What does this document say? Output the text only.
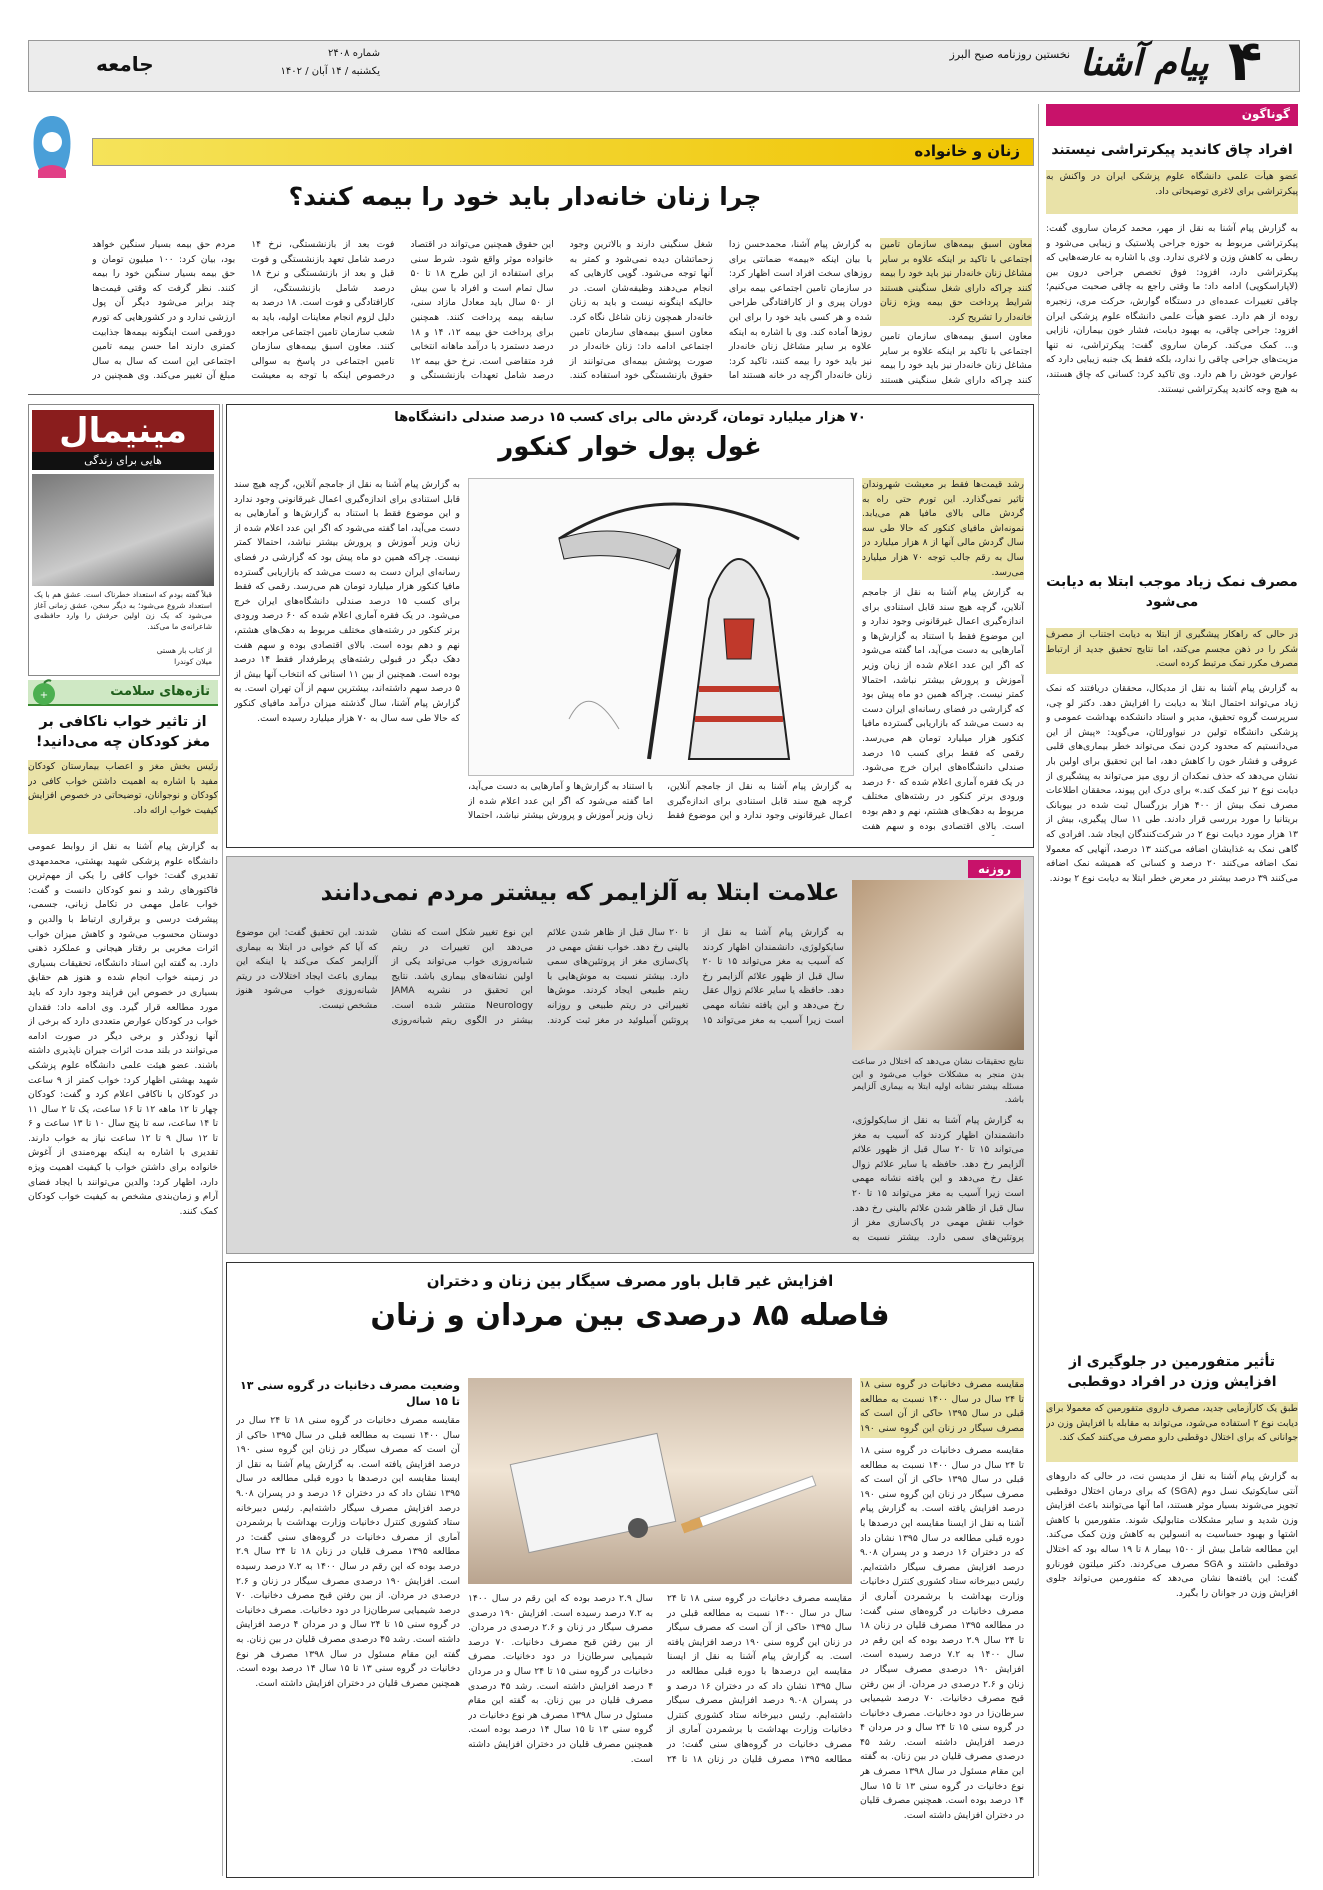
۴
پیام آشنا
نخستین روزنامه صبح البرز
شماره ۲۴۰۸
یکشنبه / ۱۴ آبان / ۱۴۰۲
جامعه
زنان و خانواده
چرا زنان خانه‌دار باید خود را بیمه کنند؟
معاون اسبق بیمه‌های سازمان تامین اجتماعی با تاکید بر اینکه علاوه بر سایر مشاغل زنان خانه‌دار نیز باید خود را بیمه کنند چراکه دارای شغل سنگینی هستند شرایط پرداخت حق بیمه ویژه زنان خانه‌دار را تشریح کرد.
به گزارش پیام آشنا، محمدحسن زدا با بیان اینکه «بیمه» ضمانتی برای روزهای سخت افراد است اظهار کرد: در سازمان تامین اجتماعی بیمه برای دوران پیری و از کارافتادگی طراحی شده و هر کسی باید خود را برای این روزها آماده کند. وی با اشاره به اینکه علاوه بر سایر مشاغل زنان خانه‌دار نیز باید خود را بیمه کنند، تاکید کرد: زنان خانه‌دار اگرچه در خانه هستند اما شغل سنگینی دارند و بالاترین وجود زحماتشان دیده نمی‌شود و کمتر به آنها توجه می‌شود. گویی کارهایی که انجام می‌دهند وظیفه‌شان است. در حالیکه اینگونه نیست و باید به زنان خانه‌دار همچون زنان شاغل نگاه کرد. معاون اسبق بیمه‌های سازمان تامین اجتماعی ادامه داد: زنان خانه‌دار در صورت پوشش بیمه‌ای می‌توانند از حقوق بازنشستگی خود استفاده کنند. این حقوق همچنین می‌تواند در اقتصاد خانواده موثر واقع شود. شرط سنی برای استفاده از این طرح ۱۸ تا ۵۰ سال تمام است و افراد با سن بیش از ۵۰ سال باید معادل مازاد سنی، سابقه بیمه پرداخت کنند. همچنین برای پرداخت حق بیمه ۱۲، ۱۴ و ۱۸ درصد دستمزد با درآمد ماهانه انتخابی فرد متقاضی است. نرخ حق بیمه ۱۲ درصد شامل تعهدات بازنشستگی و فوت بعد از بازنشستگی، نرخ ۱۴ درصد شامل تعهد بازنشستگی و فوت قبل و بعد از بازنشستگی و نرخ ۱۸ درصد شامل بازنشستگی، از کارافتادگی و فوت است. ۱۸ درصد به دلیل لزوم انجام معاینات اولیه، باید به شعب سازمان تامین اجتماعی مراجعه کنند. معاون اسبق بیمه‌های سازمان تامین اجتماعی در پاسخ به سوالی درخصوص اینکه با توجه به معیشت مردم حق بیمه بسیار سنگین خواهد بود، بیان کرد: ۱۰۰ میلیون تومان و حق بیمه بسیار سنگین خود را بیمه کنند. نظر گرفت که وقتی قیمت‌ها چند برابر می‌شود دیگر آن پول ارزشی ندارد و در کشورهایی که تورم دورقمی است اینگونه بیمه‌ها جذابیت کمتری دارند اما حسن بیمه تامین اجتماعی این است که سال به سال مبلغ آن تغییر می‌کند. وی همچنین در
معاون اسبق بیمه‌های سازمان تامین اجتماعی با تاکید بر اینکه علاوه بر سایر مشاغل زنان خانه‌دار نیز باید خود را بیمه کنند چراکه دارای شغل سنگینی هستند
مینیمال
هایی برای زندگی
قبلاً گفته بودم که استعداد خطرناک است. عشق هم با یک استعداد شروع می‌شود؛ به دیگر سخن، عشق زمانی آغاز می‌شود که یک زن اولین حرفش را وارد حافظه‌ی شاعرانه‌ی ما می‌کند.
از کتاب بار هستی
میلان کوندرا
تازه‌های سلامت
+
از تاثیر خواب ناکافی بر مغز کودکان چه می‌دانید!
رئیس بخش مغز و اعصاب بیمارستان کودکان مفید با اشاره به اهمیت داشتن خواب کافی در کودکان و نوجوانان، توضیحاتی در خصوص افزایش کیفیت خواب ارائه داد.
به گزارش پیام آشنا به نقل از روابط عمومی دانشگاه علوم پزشکی شهید بهشتی، محمدمهدی تقدیری گفت: خواب کافی را یکی از مهم‌ترین فاکتورهای رشد و نمو کودکان دانست و گفت: خواب عامل مهمی در تکامل زبانی، جسمی، پیشرفت درسی و برقراری ارتباط با والدین و دوستان محسوب می‌شود و کاهش میزان خواب اثرات مخربی بر رفتار هیجانی و عملکرد ذهنی دارد. به گفته این استاد دانشگاه، تحقیقات بسیاری در زمینه خواب انجام شده و هنوز هم حقایق بسیاری در خصوص این فرایند وجود دارد که باید مورد مطالعه قرار گیرد. وی ادامه داد: فقدان خواب در کودکان عوارض متعددی دارد که برخی از آنها زودگذر و برخی دیگر در صورت ادامه می‌توانند در بلند مدت اثرات جبران ناپذیری داشته باشند. عضو هیئت علمی دانشگاه علوم پزشکی شهید بهشتی اظهار کرد: خواب کمتر از ۹ ساعت در کودکان با ناکافی اعلام کرد و گفت: کودکان چهار تا ۱۲ ماهه ۱۲ تا ۱۶ ساعت، یک تا ۲ سال ۱۱ تا ۱۴ ساعت، سه تا پنج سال ۱۰ تا ۱۳ ساعت و ۶ تا ۱۲ سال ۹ تا ۱۲ ساعت نیاز به خواب دارند. تقدیری با اشاره به اینکه بهره‌مندی از آغوش خانواده برای داشتن خواب با کیفیت اهمیت ویژه دارد، اظهار کرد: والدین می‌توانند با ایجاد فضای آرام و زمان‌بندی مشخص به کیفیت خواب کودکان کمک کنند.
۷۰ هزار میلیارد تومان، گردش مالی برای کسب ۱۵ درصد صندلی دانشگاه‌ها
غول پول خوار کنکور
رشد قیمت‌ها فقط بر معیشت شهروندان تاثیر نمی‌گذارد. این تورم حتی راه به گردش مالی بالای مافیا هم می‌یابد. نمونه‌اش مافیای کنکور که حالا طی سه سال گردش مالی آنها از ۸ هزار میلیارد در سال به رقم جالب توجه ۷۰ هزار میلیارد می‌رسد.
به گزارش پیام آشنا به نقل از جامجم آنلاین، گرچه هیچ سند قابل استنادی برای اندازه‌گیری اعمال غیرقانونی وجود ندارد و این موضوع فقط با استناد به گزارش‌ها و آمارهایی به دست می‌آید، اما گفته می‌شود که اگر این عدد اعلام شده از زبان وزیر آموزش و پرورش بیشتر نباشد، احتمالا کمتر نیست. چراکه همین دو ماه پیش بود که گزارشی در فضای رسانه‌ای ایران دست به دست می‌شد که بازاریابی گسترده مافیا کنکور هزار میلیارد تومان هم می‌رسد. رقمی که فقط برای کسب ۱۵ درصد صندلی دانشگاه‌های ایران خرج می‌شود. در یک فقره آماری اعلام شده که ۶۰ درصد ورودی برتر کنکور در رشته‌های مختلف مربوط به دهک‌های هشتم، نهم و دهم بوده است. بالای اقتصادی بوده و سهم هفت
به گزارش پیام آشنا به نقل از جامجم آنلاین، گرچه هیچ سند قابل استنادی برای اندازه‌گیری اعمال غیرقانونی وجود ندارد و این موضوع فقط با استناد به گزارش‌ها و آمارهایی به دست می‌آید، اما گفته می‌شود که اگر این عدد اعلام شده از زبان وزیر آموزش و پرورش بیشتر نباشد، احتمالا کمتر نیست. چراکه همین دو ماه پیش بود که گزارشی در فضای رسانه‌ای ایران دست به دست می‌شد که بازاریابی گسترده مافیا کنکور هزار میلیارد تومان هم می‌رسد. رقمی که فقط برای کسب ۱۵ درصد صندلی دانشگاه‌های ایران خرج می‌شود. در یک فقره آماری اعلام شده که ۶۰ درصد ورودی برتر کنکور در رشته‌های مختلف مربوط به دهک‌های هشتم، نهم و دهم بوده است. بالای اقتصادی بوده و سهم هفت دهک دیگر در قبولی رشته‌های پرطرفدار فقط ۱۴ درصد بوده است. همچنین از بین ۱۱ استانی که انتخاب آنها بیش از ۵ درصد سهم داشته‌اند، بیشترین سهم از آن تهران است. به گزارش پیام آشنا، سال گذشته میزان درآمد مافیای کنکور که حالا طی سه سال به ۷۰ هزار میلیارد رسیده است.
به گزارش پیام آشنا به نقل از جامجم آنلاین، گرچه هیچ سند قابل استنادی برای اندازه‌گیری اعمال غیرقانونی وجود ندارد و این موضوع فقط با استناد به گزارش‌ها و آمارهایی به دست می‌آید، اما گفته می‌شود که اگر این عدد اعلام شده از زبان وزیر آموزش و پرورش بیشتر نباشد، احتمالا
روزنه
علامت ابتلا به آلزایمر که بیشتر مردم نمی‌دانند
نتایج تحقیقات نشان می‌دهد که اختلال در ساعت بدن منجر به مشکلات خواب می‌شود و این مسئله بیشتر نشانه اولیه ابتلا به بیماری آلزایمر باشد.
به گزارش پیام آشنا به نقل از سایکولوژی، دانشمندان اظهار کردند که آسیب به مغز می‌تواند ۱۵ تا ۲۰ سال قبل از ظهور علائم آلزایمر رخ دهد. حافظه یا سایر علائم زوال عقل رخ می‌دهد و این یافته نشانه مهمی است زیرا آسیب به مغز می‌تواند ۱۵ تا ۲۰ سال قبل از ظاهر شدن علائم بالینی رخ دهد. خواب نقش مهمی در پاک‌سازی مغز از پروتئین‌های سمی دارد. بیشتر نسبت به موش‌هایی با ریتم طبیعی ایجاد کردند. موش‌ها تغییراتی در ریتم طبیعی و روزانه پروتئین آمیلوئید در مغز ثبت کردند. این نوع تغییر شکل است که نشان می‌دهد این تغییرات در ریتم شبانه‌روزی خواب می‌تواند یکی از اولین نشانه‌های بیماری باشد. نتایج این تحقیق در نشریه JAMA Neurology منتشر شده است. بیشتر در الگوی ریتم شبانه‌روزی شدند. این تحقیق گفت: این موضوع که آیا کم خوابی در ابتلا به بیماری آلزایمر کمک می‌کند یا اینکه این بیماری باعث ایجاد اختلالات در ریتم شبانه‌روزی خواب می‌شود هنوز مشخص نیست.
به گزارش پیام آشنا به نقل از سایکولوژی، دانشمندان اظهار کردند که آسیب به مغز می‌تواند ۱۵ تا ۲۰ سال قبل از ظهور علائم آلزایمر رخ دهد. حافظه یا سایر علائم زوال عقل رخ می‌دهد و این یافته نشانه مهمی است زیرا آسیب به مغز می‌تواند ۱۵ تا ۲۰ سال قبل از ظاهر شدن علائم بالینی رخ دهد. خواب نقش مهمی در پاک‌سازی مغز از پروتئین‌های سمی دارد. بیشتر نسبت به
افزایش غیر قابل باور مصرف سیگار بین زنان و دختران
فاصله ۸۵ درصدی بین مردان و زنان
وضعیت مصرف دخانیات در گروه سنی ۱۳ تا ۱۵ سال
مقایسه مصرف دخانیات در گروه سنی ۱۸ تا ۲۴ سال در سال ۱۴۰۰ نسبت به مطالعه قبلی در سال ۱۳۹۵ حاکی از آن است که مصرف سیگار در زنان این گروه سنی ۱۹۰ درصد افزایش یافته است. به گزارش پیام آشنا به نقل از ایسنا مقایسه این درصدها با دوره قبلی مطالعه در سال ۱۳۹۵ نشان داد که در دختران ۱۶ درصد و در پسران ۹.۰۸ درصد افزایش مصرف سیگار داشته‌ایم. رئیس دبیرخانه ستاد کشوری کنترل دخانیات وزارت بهداشت با برشمردن آماری از مصرف دخانیات در گروه‌های سنی گفت: در مطالعه ۱۳۹۵ مصرف قلیان در زنان ۱۸ تا ۲۴ سال ۲.۹ درصد بوده که این رقم در سال ۱۴۰۰ به ۷.۲ درصد رسیده است. افزایش ۱۹۰ درصدی مصرف سیگار در زنان و ۲.۶ درصدی در مردان. از بین رفتن قبح مصرف دخانیات. ۷۰ درصد شیمیایی سرطان‌زا در دود دخانیات. مصرف دخانیات در گروه سنی ۱۵ تا ۲۴ سال و در مردان ۴ درصد افزایش داشته است. رشد ۴۵ درصدی مصرف قلیان در بین زنان. به گفته این مقام مسئول در سال ۱۳۹۸ مصرف هر نوع دخانیات در گروه سنی ۱۳ تا ۱۵ سال ۱۴ درصد بوده است. همچنین مصرف قلیان در دختران افزایش داشته است.
مقایسه مصرف دخانیات در گروه سنی ۱۸ تا ۲۴ سال در سال ۱۴۰۰ نسبت به مطالعه قبلی در سال ۱۳۹۵ حاکی از آن است که مصرف سیگار در زنان این گروه سنی ۱۹۰
مقایسه مصرف دخانیات در گروه سنی ۱۸ تا ۲۴ سال در سال ۱۴۰۰ نسبت به مطالعه قبلی در سال ۱۳۹۵ حاکی از آن است که مصرف سیگار در زنان این گروه سنی ۱۹۰ درصد افزایش یافته است. به گزارش پیام آشنا به نقل از ایسنا مقایسه این درصدها با دوره قبلی مطالعه در سال ۱۳۹۵ نشان داد که در دختران ۱۶ درصد و در پسران ۹.۰۸ درصد افزایش مصرف سیگار داشته‌ایم. رئیس دبیرخانه ستاد کشوری کنترل دخانیات وزارت بهداشت با برشمردن آماری از مصرف دخانیات در گروه‌های سنی گفت: در مطالعه ۱۳۹۵ مصرف قلیان در زنان ۱۸ تا ۲۴ سال ۲.۹ درصد بوده که این رقم در سال ۱۴۰۰ به ۷.۲ درصد رسیده است. افزایش ۱۹۰ درصدی مصرف سیگار در زنان و ۲.۶ درصدی در مردان. از بین رفتن قبح مصرف دخانیات. ۷۰ درصد شیمیایی سرطان‌زا در دود دخانیات. مصرف دخانیات در گروه سنی ۱۵ تا ۲۴ سال و در مردان ۴ درصد افزایش داشته است. رشد ۴۵ درصدی مصرف قلیان در بین زنان. به گفته این مقام مسئول در سال ۱۳۹۸ مصرف هر نوع دخانیات در گروه سنی ۱۳ تا ۱۵ سال ۱۴ درصد بوده است. همچنین مصرف قلیان در دختران افزایش داشته است.
مقایسه مصرف دخانیات در گروه سنی ۱۸ تا ۲۴ سال در سال ۱۴۰۰ نسبت به مطالعه قبلی در سال ۱۳۹۵ حاکی از آن است که مصرف سیگار در زنان این گروه سنی ۱۹۰ درصد افزایش یافته است. به گزارش پیام آشنا به نقل از ایسنا مقایسه این درصدها با دوره قبلی مطالعه در سال ۱۳۹۵ نشان داد که در دختران ۱۶ درصد و در پسران ۹.۰۸ درصد افزایش مصرف سیگار داشته‌ایم. رئیس دبیرخانه ستاد کشوری کنترل دخانیات وزارت بهداشت با برشمردن آماری از مصرف دخانیات در گروه‌های سنی گفت: در مطالعه ۱۳۹۵ مصرف قلیان در زنان ۱۸ تا ۲۴ سال ۲.۹ درصد بوده که این رقم در سال ۱۴۰۰ به ۷.۲ درصد رسیده است. افزایش ۱۹۰ درصدی مصرف سیگار در زنان و ۲.۶ درصدی در مردان. از بین رفتن قبح مصرف دخانیات. ۷۰ درصد شیمیایی سرطان‌زا در دود دخانیات. مصرف دخانیات در گروه سنی ۱۵ تا ۲۴ سال و در مردان ۴ درصد افزایش داشته است. رشد ۴۵ درصدی مصرف قلیان در بین زنان. به گفته این مقام مسئول در سال ۱۳۹۸ مصرف هر نوع دخانیات در گروه سنی ۱۳ تا ۱۵ سال ۱۴ درصد بوده است. همچنین مصرف قلیان در دختران افزایش داشته است.
گوناگون
افراد چاق کاندید پیکرتراشی نیستند
عضو هیأت علمی دانشگاه علوم پزشکی ایران در واکنش به پیکرتراشی برای لاغری توضیحاتی داد.
به گزارش پیام آشنا به نقل از مهر، محمد کرمان ساروی گفت: پیکرتراشی مربوط به حوزه جراحی پلاستیک و زیبایی می‌شود و ربطی به کاهش وزن و لاغری ندارد. وی با اشاره به عارضه‌هایی که پیکرتراشی دارد، افزود: فوق تخصص جراحی درون بین (لاپاراسکوپی) ادامه داد: ما وقتی راجع به چاقی صحبت می‌کنیم؛ چاقی تغییرات عمده‌ای در دستگاه گوارش، حرکت مری، زنجیره روده از هم دارد. عضو هیأت علمی دانشگاه علوم پزشکی ایران افزود: جراحی چاقی، به بهبود دیابت، فشار خون بیماران، نازایی و... کمک می‌کند. کرمان ساروی گفت: پیکرتراشی، نه تنها مزیت‌های جراحی چاقی را ندارد، بلکه فقط یک جنبه زیبایی دارد که عوارض خودش را هم دارد. وی تاکید کرد: کسانی که چاق هستند، به هیچ وجه کاندید پیکرتراشی نیستند.
مصرف نمک زیاد موجب ابتلا به دیابت می‌شود
در حالی که راهکار پیشگیری از ابتلا به دیابت اجتناب از مصرف شکر را در ذهن مجسم می‌کند، اما نتایج تحقیق جدید از ارتباط مصرف مکرر نمک مرتبط کرده است.
به گزارش پیام آشنا به نقل از مدیکال، محققان دریافتند که نمک زیاد می‌تواند احتمال ابتلا به دیابت را افزایش دهد. دکتر لو چی، سرپرست گروه تحقیق، مدیر و استاد دانشکده بهداشت عمومی و پزشکی دانشگاه تولین در نیواورلئان، می‌گوید: «پیش از این می‌دانستیم که محدود کردن نمک می‌تواند خطر بیماری‌های قلبی عروقی و فشار خون را کاهش دهد، اما این تحقیق برای اولین بار نشان می‌دهد که حذف نمکدان از روی میز می‌تواند به پیشگیری از دیابت نوع ۲ نیز کمک کند.» برای درک این پیوند، محققان اطلاعات مصرف نمک بیش از ۴۰۰ هزار بزرگسال ثبت شده در بیوبانک بریتانیا را مورد بررسی قرار دادند. طی ۱۱ سال پیگیری، بیش از ۱۳ هزار مورد دیابت نوع ۲ در شرکت‌کنندگان ایجاد شد. افرادی که گاهی نمک به غذایشان اضافه می‌کنند ۱۳ درصد، آنهایی که معمولا نمک اضافه می‌کنند ۲۰ درصد و کسانی که همیشه نمک اضافه می‌کنند ۳۹ درصد بیشتر در معرض خطر ابتلا به دیابت نوع ۲ بودند.
تأثیر متفورمین در جلوگیری از افزایش وزن در افراد دوقطبی
طبق یک کارآزمایی جدید، مصرف داروی متفورمین که معمولا برای دیابت نوع ۲ استفاده می‌شود، می‌تواند به مقابله با افزایش وزن در جوانانی که برای اختلال دوقطبی دارو مصرف می‌کنند کمک کند.
به گزارش پیام آشنا به نقل از مدیسن نت، در حالی که داروهای آنتی سایکوتیک نسل دوم (SGA) که برای درمان اختلال دوقطبی تجویز می‌شوند بسیار موثر هستند، اما آنها می‌توانند باعث افزایش وزن شدید و سایر مشکلات متابولیک شوند. متفورمین با کاهش اشتها و بهبود حساسیت به انسولین به کاهش وزن کمک می‌کند. این مطالعه شامل بیش از ۱۵۰۰ بیمار ۸ تا ۱۹ ساله بود که اختلال دوقطبی داشتند و SGA مصرف می‌کردند. دکتر میلتون فورنارو گفت: این یافته‌ها نشان می‌دهد که متفورمین می‌تواند جلوی افزایش وزن در جوانان را بگیرد.
